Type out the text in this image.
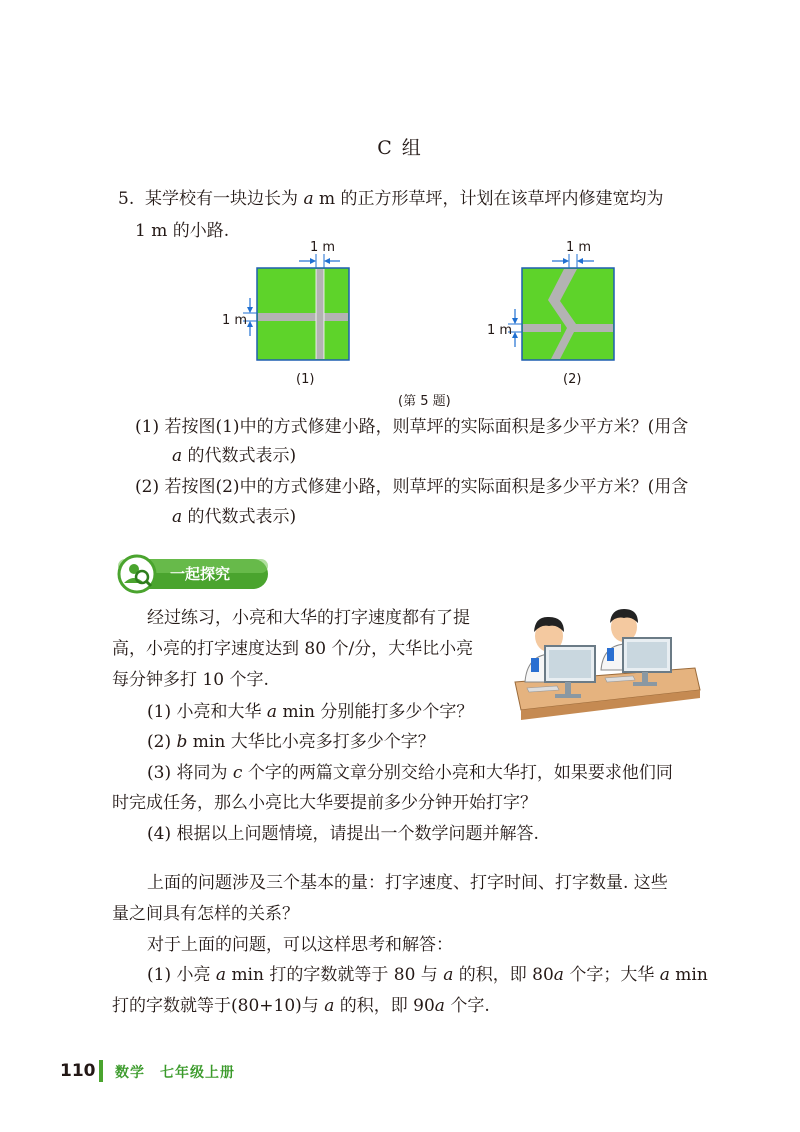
C 组
5. 某学校有一块边长为 a m 的正方形草坪，计划在该草坪内修建宽均为
1 m 的小路.
1 m
1 m
(1)
1 m
1 m
(2)
(第 5 题)
(1) 若按图(1)中的方式修建小路，则草坪的实际面积是多少平方米？(用含
a 的代数式表示)
(2) 若按图(2)中的方式修建小路，则草坪的实际面积是多少平方米？(用含
a 的代数式表示)
一起探究
经过练习，小亮和大华的打字速度都有了提
高，小亮的打字速度达到 80 个/分，大华比小亮
每分钟多打 10 个字.
(1) 小亮和大华 a min 分别能打多少个字？
(2) b min 大华比小亮多打多少个字？
(3) 将同为 c 个字的两篇文章分别交给小亮和大华打，如果要求他们同
时完成任务，那么小亮比大华要提前多少分钟开始打字？
(4) 根据以上问题情境，请提出一个数学问题并解答.
上面的问题涉及三个基本的量：打字速度、打字时间、打字数量. 这些
量之间具有怎样的关系？
对于上面的问题，可以这样思考和解答：
(1) 小亮 a min 打的字数就等于 80 与 a 的积，即 80a 个字；大华 a min
打的字数就等于(80+10)与 a 的积，即 90a 个字.
110 数学　七年级上册
